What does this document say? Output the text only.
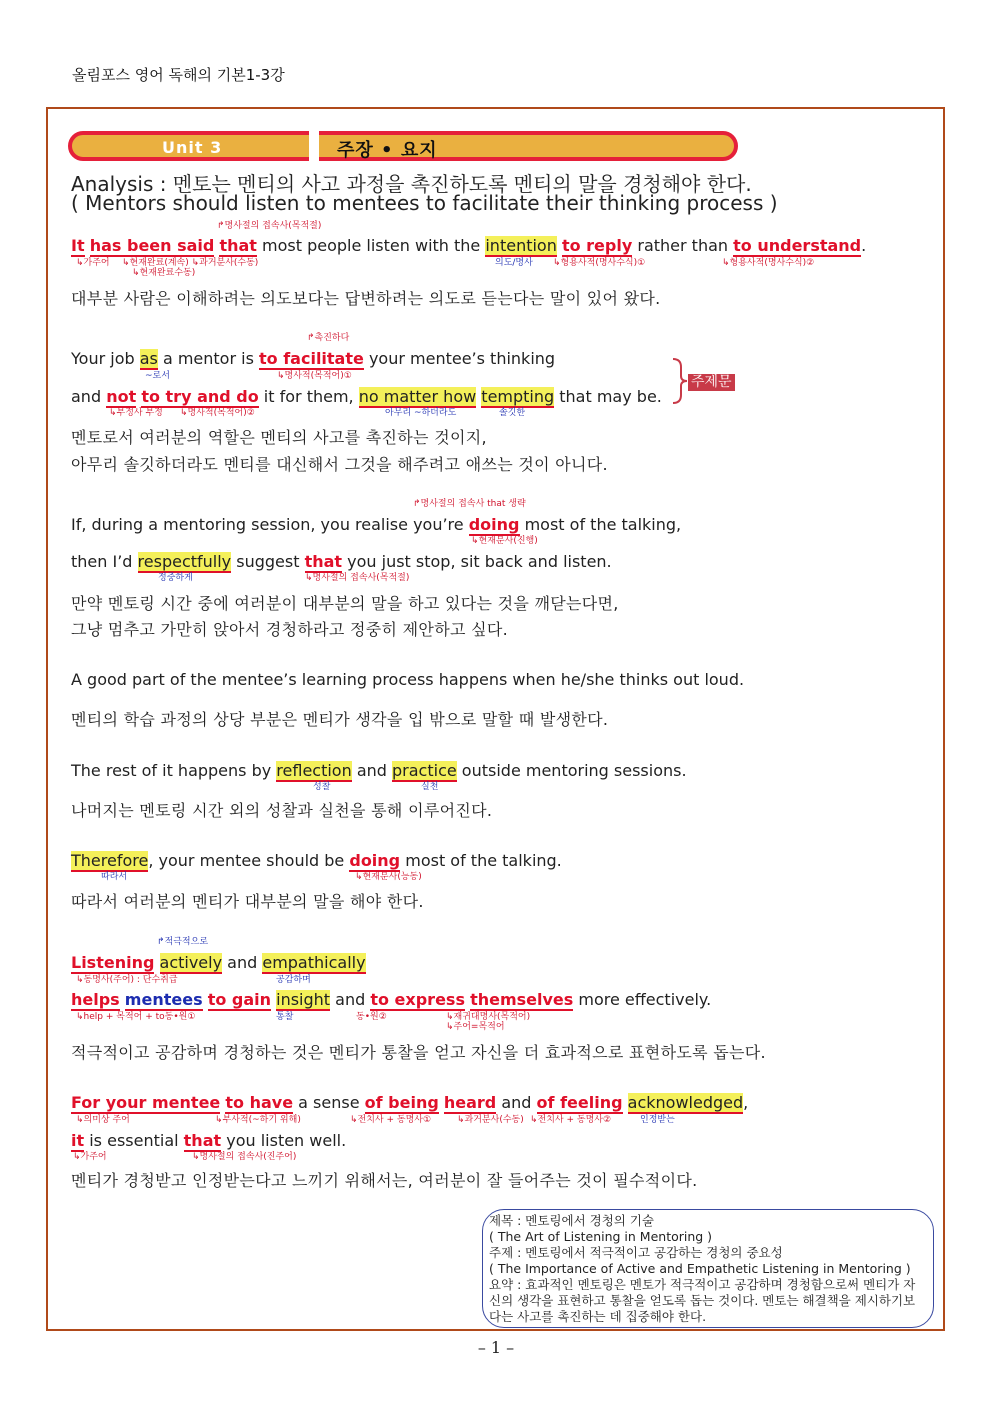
올림포스 영어 독해의 기본1-3강
Unit 3	주장 • 요지
Analysis : 멘토는 멘티의 사고 과정을 촉진하도록 멘티의 말을 경청해야 한다.
( Mentors should listen to mentees to facilitate their thinking process )
↱명사절의 접속사(목적절)
It has been said that most people listen with the intention to reply rather than to understand.
↳가주어 ↳현재완료(계속) ↳과거분사(수동)
↳현재완료수동)
의도/명사 ↳형용사적(명사수식)①	↳형용사적(명사수식)②
대부분 사람은 이해하려는 의도보다는 답변하려는 의도로 듣는다는 말이 있어 왔다.
↱촉진하다
Your job as a mentor is to facilitate your mentee’s thinking
~로서	↳명사적(목적어)①
and not to try and do it for them, no matter how tempting that may be.
↳부정사 부정 ↳명사적(목적어)②	아무리 ~하더라도	솔깃한
주제문
멘토로서 여러분의 역할은 멘티의 사고를 촉진하는 것이지,
아무리 솔깃하더라도 멘티를 대신해서 그것을 해주려고 애쓰는 것이 아니다.
↱명사절의 접속사 that 생략
If, during a mentoring session, you realise you’re doing most of the talking,
↳현재분사(진행)
then I’d respectfully suggest that you just stop, sit back and listen.
정중하게	↳명사절의 접속사(목적절)
만약 멘토링 시간 중에 여러분이 대부분의 말을 하고 있다는 것을 깨닫는다면,
그냥 멈추고 가만히 앉아서 경청하라고 정중히 제안하고 싶다.
A good part of the mentee’s learning process happens when he/she thinks out loud.
멘티의 학습 과정의 상당 부분은 멘티가 생각을 입 밖으로 말할 때 발생한다.
The rest of it happens by reflection and practice outside mentoring sessions.
성찰	실천
나머지는 멘토링 시간 외의 성찰과 실천을 통해 이루어진다.
Therefore, your mentee should be doing most of the talking.
따라서	↳현재분사(능동)
따라서 여러분의 멘티가 대부분의 말을 해야 한다.
↱적극적으로
Listening actively and empathically
↳동명사(주어) : 단수취급	공감하며
helps mentees to gain insight and to express themselves more effectively.
↳help + 목적어 + to동•원①	통찰	동•원②	↳재귀대명사(목적어)
↳주어=목적어
적극적이고 공감하며 경청하는 것은 멘티가 통찰을 얻고 자신을 더 효과적으로 표현하도록 돕는다.
For your mentee to have a sense of being heard and of feeling acknowledged,
↳의미상 주어	↳부사적(~하기 위해)	↳전치사 + 동명사①	↳과거분사(수동) ↳전치사 + 동명사②	인정받는
it is essential that you listen well.
↳가주어	↳명사절의 접속사(진주어)
멘티가 경청받고 인정받는다고 느끼기 위해서는, 여러분이 잘 들어주는 것이 필수적이다.
제목 : 멘토링에서 경청의 기술
( The Art of Listening in Mentoring )
주제 : 멘토링에서 적극적이고 공감하는 경청의 중요성
( The Importance of Active and Empathetic Listening in Mentoring )
요약 : 효과적인 멘토링은 멘토가 적극적이고 공감하며 경청함으로써 멘티가 자신의 생각을 표현하고 통찰을 얻도록 돕는 것이다. 멘토는 해결책을 제시하기보다는 사고를 촉진하는 데 집중해야 한다.
– 1 –
